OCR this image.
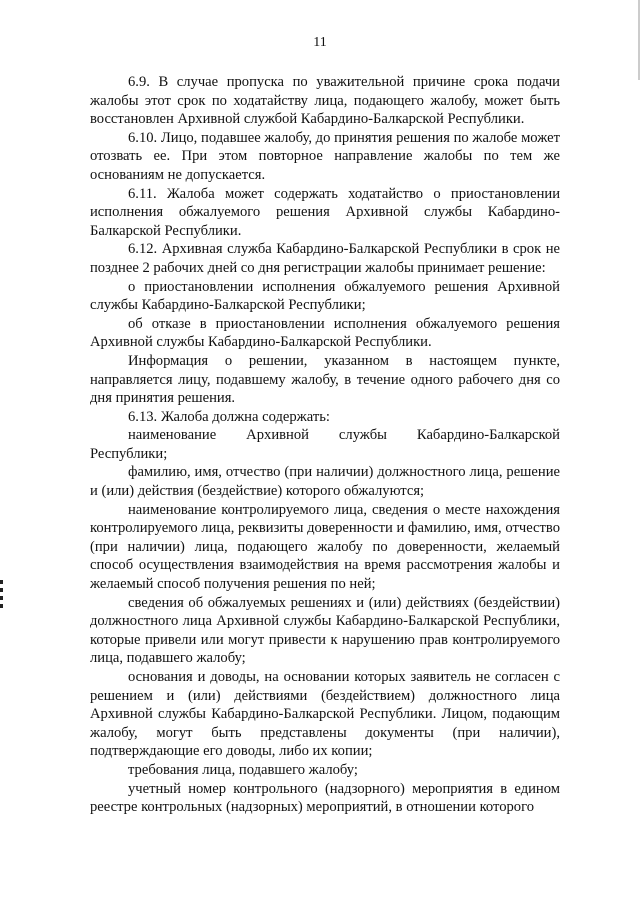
11

6.9. В случае пропуска по уважительной причине срока подачи жалобы этот срок по ходатайству лица, подающего жалобу, может быть восстановлен Архивной службой Кабардино-Балкарской Республики.

6.10. Лицо, подавшее жалобу, до принятия решения по жалобе может отозвать ее. При этом повторное направление жалобы по тем же основаниям не допускается.

6.11. Жалоба может содержать ходатайство о приостановлении исполнения обжалуемого решения Архивной службы Кабардино-Балкарской Республики.

6.12. Архивная служба Кабардино-Балкарской Республики в срок не позднее 2 рабочих дней со дня регистрации жалобы принимает решение:

о приостановлении исполнения обжалуемого решения Архивной службы Кабардино-Балкарской Республики;

об отказе в приостановлении исполнения обжалуемого решения Архивной службы Кабардино-Балкарской Республики.

Информация о решении, указанном в настоящем пункте, направляется лицу, подавшему жалобу, в течение одного рабочего дня со дня принятия решения.

6.13. Жалоба должна содержать:

наименование Архивной службы Кабардино-Балкарской Республики;

фамилию, имя, отчество (при наличии) должностного лица, решение и (или) действия (бездействие) которого обжалуются;

наименование контролируемого лица, сведения о месте нахождения контролируемого лица, реквизиты доверенности и фамилию, имя, отчество (при наличии) лица, подающего жалобу по доверенности, желаемый способ осуществления взаимодействия на время рассмотрения жалобы и желаемый способ получения решения по ней;

сведения об обжалуемых решениях и (или) действиях (бездействии) должностного лица Архивной службы Кабардино-Балкарской Республики, которые привели или могут привести к нарушению прав контролируемого лица, подавшего жалобу;

основания и доводы, на основании которых заявитель не согласен с решением и (или) действиями (бездействием) должностного лица Архивной службы Кабардино-Балкарской Республики. Лицом, подающим жалобу, могут быть представлены документы (при наличии), подтверждающие его доводы, либо их копии;

требования лица, подавшего жалобу;

учетный номер контрольного (надзорного) мероприятия в едином реестре контрольных (надзорных) мероприятий, в отношении которого
